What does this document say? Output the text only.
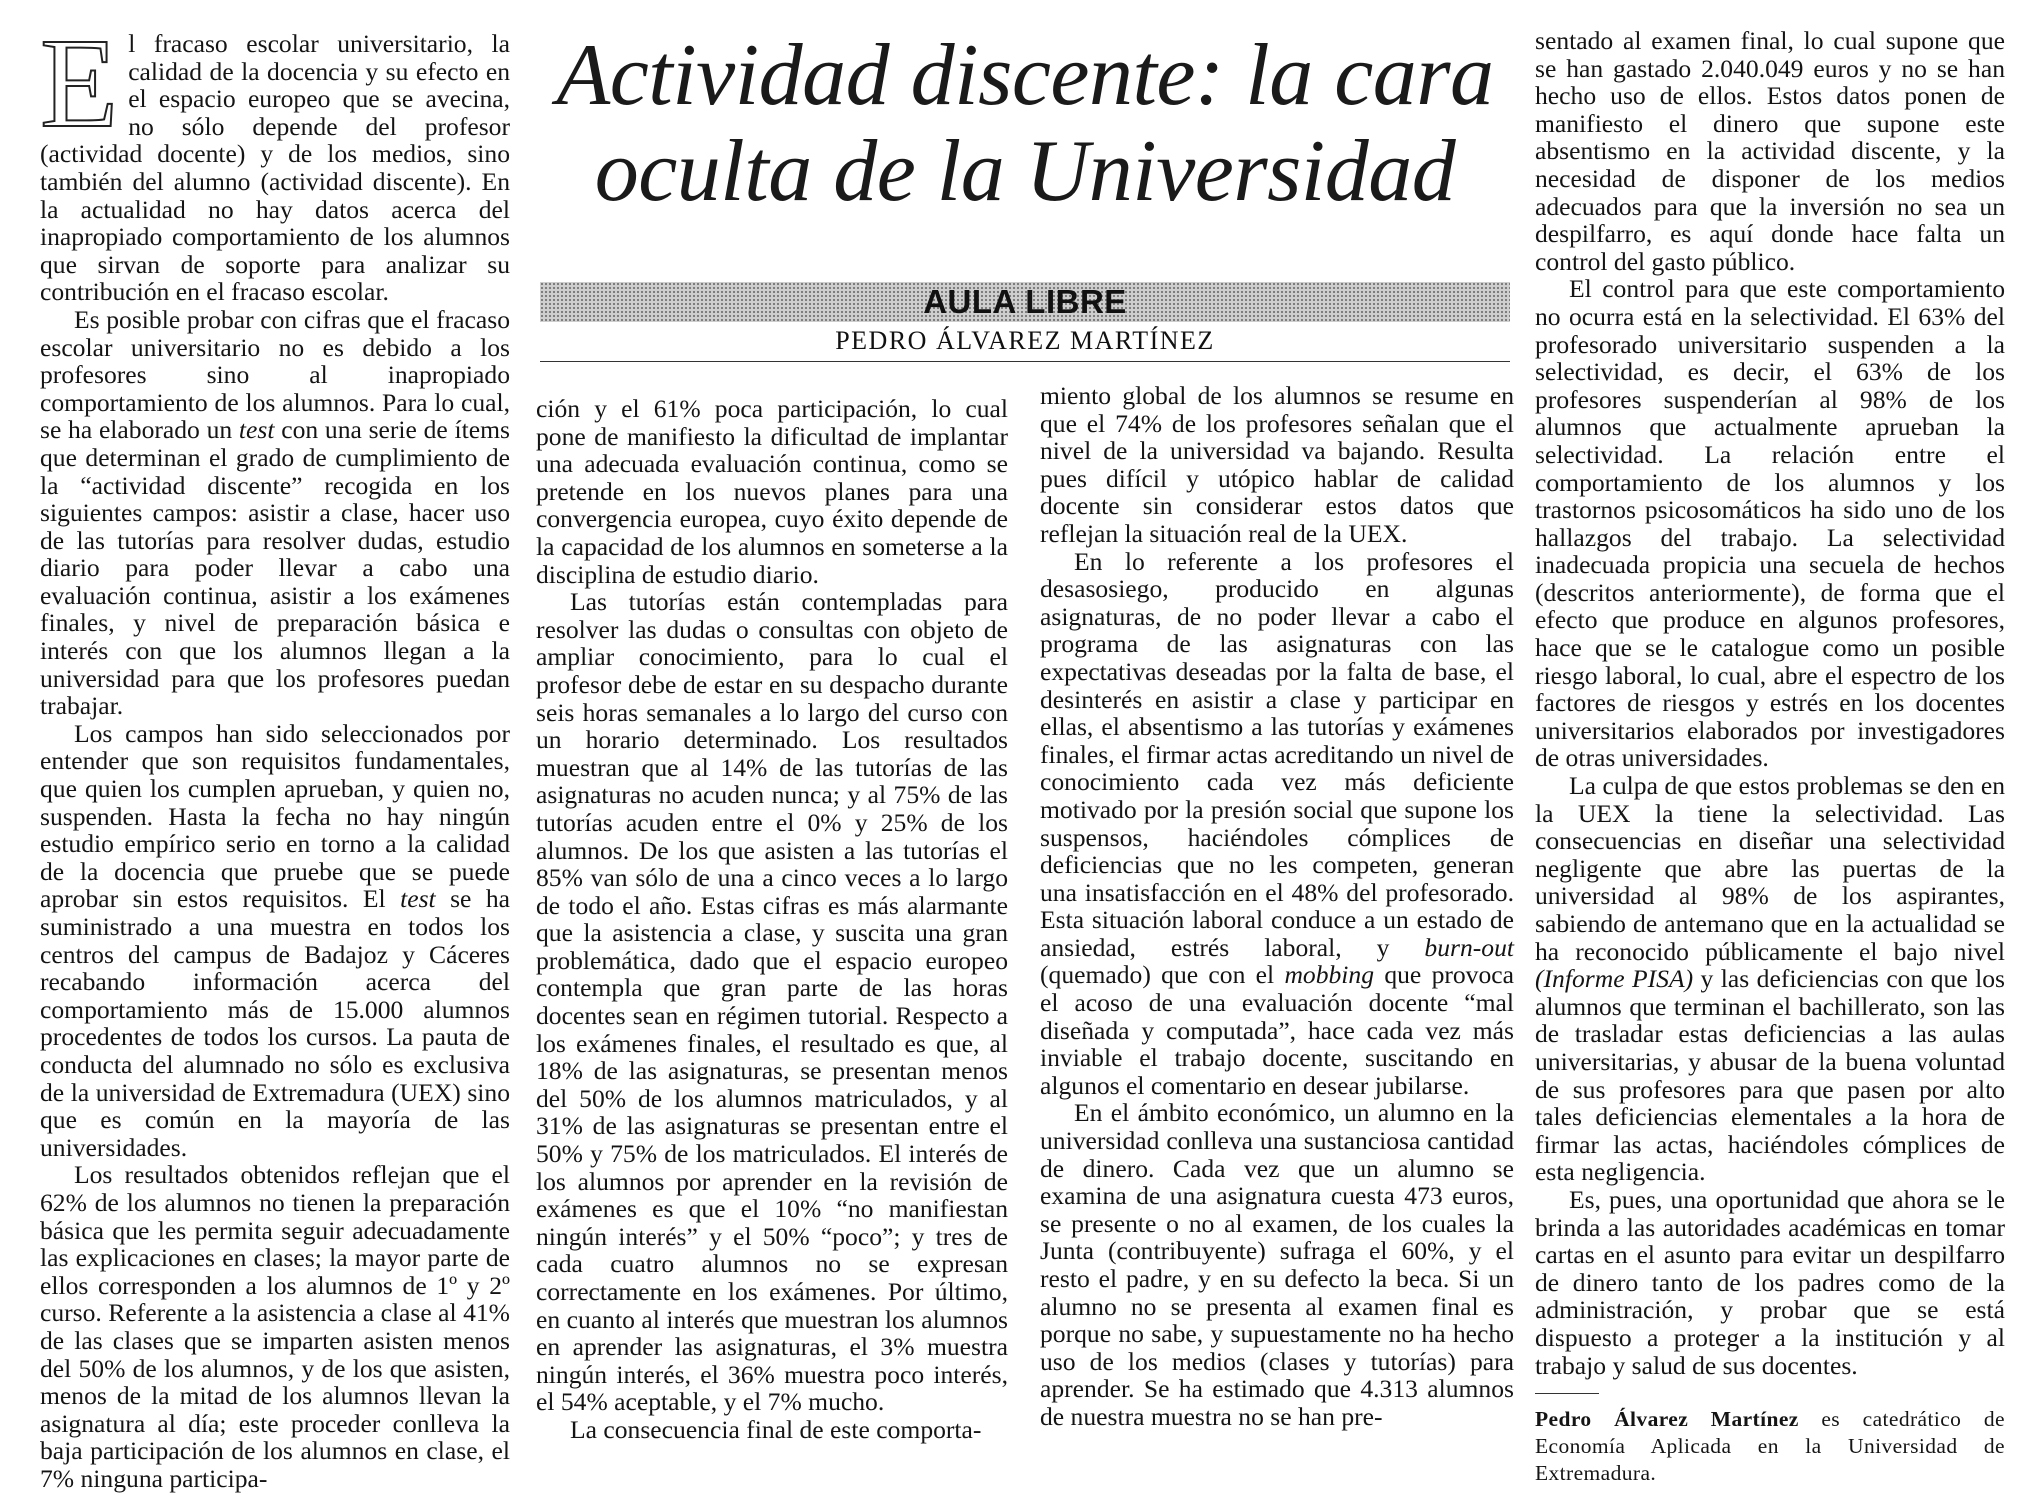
El fracaso escolar universitario, la calidad de la docencia y su efecto en el espacio europeo que se avecina, no sólo depende del profesor (actividad docente) y de los medios, sino también del alumno (actividad discente). En la actualidad no hay datos acerca del inapropiado comportamiento de los alumnos que sirvan de soporte para analizar su contribución en el fracaso escolar.

Es posible probar con cifras que el fracaso escolar universitario no es debido a los profesores sino al inapropiado comportamiento de los alumnos. Para lo cual, se ha elaborado un test con una serie de ítems que determinan el grado de cumplimiento de la “actividad discente” recogida en los siguientes campos: asistir a clase, hacer uso de las tutorías para resolver dudas, estudio diario para poder llevar a cabo una evaluación continua, asistir a los exámenes finales, y nivel de preparación básica e interés con que los alumnos llegan a la universidad para que los profesores puedan trabajar.

Los campos han sido seleccionados por entender que son requisitos fundamentales, que quien los cumplen aprueban, y quien no, suspenden. Hasta la fecha no hay ningún estudio empírico serio en torno a la calidad de la docencia que pruebe que se puede aprobar sin estos requisitos. El test se ha suministrado a una muestra en todos los centros del campus de Badajoz y Cáceres recabando información acerca del comportamiento más de 15.000 alumnos procedentes de todos los cursos. La pauta de conducta del alumnado no sólo es exclusiva de la universidad de Extremadura (UEX) sino que es común en la mayoría de las universidades.

Los resultados obtenidos reflejan que el 62% de los alumnos no tienen la preparación básica que les permita seguir adecuadamente las explicaciones en clases; la mayor parte de ellos corresponden a los alumnos de 1º y 2º curso. Referente a la asistencia a clase al 41% de las clases que se imparten asisten menos del 50% de los alumnos, y de los que asisten, menos de la mitad de los alumnos llevan la asignatura al día; este proceder conlleva la baja participación de los alumnos en clase, el 7% ninguna participa-

Actividad discente: la cara
oculta de la Universidad
AULA LIBRE
PEDRO ÁLVAREZ MARTÍNEZ

ción y el 61% poca participación, lo cual pone de manifiesto la dificultad de implantar una adecuada evaluación continua, como se pretende en los nuevos planes para una convergencia europea, cuyo éxito depende de la capacidad de los alumnos en someterse a la disciplina de estudio diario.

Las tutorías están contempladas para resolver las dudas o consultas con objeto de ampliar conocimiento, para lo cual el profesor debe de estar en su despacho durante seis horas semanales a lo largo del curso con un horario determinado. Los resultados muestran que al 14% de las tutorías de las asignaturas no acuden nunca; y al 75% de las tutorías acuden entre el 0% y 25% de los alumnos. De los que asisten a las tutorías el 85% van sólo de una a cinco veces a lo largo de todo el año. Estas cifras es más alarmante que la asistencia a clase, y suscita una gran problemática, dado que el espacio europeo contempla que gran parte de las horas docentes sean en régimen tutorial. Respecto a los exámenes finales, el resultado es que, al 18% de las asignaturas, se presentan menos del 50% de los alumnos matriculados, y al 31% de las asignaturas se presentan entre el 50% y 75% de los matriculados. El interés de los alumnos por aprender en la revisión de exámenes es que el 10% “no manifiestan ningún interés” y el 50% “poco”; y tres de cada cuatro alumnos no se expresan correctamente en los exámenes. Por último, en cuanto al interés que muestran los alumnos en aprender las asignaturas, el 3% muestra ningún interés, el 36% muestra poco interés, el 54% aceptable, y el 7% mucho.

La consecuencia final de este comporta-

miento global de los alumnos se resume en que el 74% de los profesores señalan que el nivel de la universidad va bajando. Resulta pues difícil y utópico hablar de calidad docente sin considerar estos datos que reflejan la situación real de la UEX.

En lo referente a los profesores el desasosiego, producido en algunas asignaturas, de no poder llevar a cabo el programa de las asignaturas con las expectativas deseadas por la falta de base, el desinterés en asistir a clase y participar en ellas, el absentismo a las tutorías y exámenes finales, el firmar actas acreditando un nivel de conocimiento cada vez más deficiente motivado por la presión social que supone los suspensos, haciéndoles cómplices de deficiencias que no les competen, generan una insatisfacción en el 48% del profesorado. Esta situación laboral conduce a un estado de ansiedad, estrés laboral, y burn-out (quemado) que con el mobbing que provoca el acoso de una evaluación docente “mal diseñada y computada”, hace cada vez más inviable el trabajo docente, suscitando en algunos el comentario en desear jubilarse.

En el ámbito económico, un alumno en la universidad conlleva una sustanciosa cantidad de dinero. Cada vez que un alumno se examina de una asignatura cuesta 473 euros, se presente o no al examen, de los cuales la Junta (contribuyente) sufraga el 60%, y el resto el padre, y en su defecto la beca. Si un alumno no se presenta al examen final es porque no sabe, y supuestamente no ha hecho uso de los medios (clases y tutorías) para aprender. Se ha estimado que 4.313 alumnos de nuestra muestra no se han pre-

sentado al examen final, lo cual supone que se han gastado 2.040.049 euros y no se han hecho uso de ellos. Estos datos ponen de manifiesto el dinero que supone este absentismo en la actividad discente, y la necesidad de disponer de los medios adecuados para que la inversión no sea un despilfarro, es aquí donde hace falta un control del gasto público.

El control para que este comportamiento no ocurra está en la selectividad. El 63% del profesorado universitario suspenden a la selectividad, es decir, el 63% de los profesores suspenderían al 98% de los alumnos que actualmente aprueban la selectividad. La relación entre el comportamiento de los alumnos y los trastornos psicosomáticos ha sido uno de los hallazgos del trabajo. La selectividad inadecuada propicia una secuela de hechos (descritos anteriormente), de forma que el efecto que produce en algunos profesores, hace que se le catalogue como un posible riesgo laboral, lo cual, abre el espectro de los factores de riesgos y estrés en los docentes universitarios elaborados por investigadores de otras universidades.

La culpa de que estos problemas se den en la UEX la tiene la selectividad. Las consecuencias en diseñar una selectividad negligente que abre las puertas de la universidad al 98% de los aspirantes, sabiendo de antemano que en la actualidad se ha reconocido públicamente el bajo nivel (Informe PISA) y las deficiencias con que los alumnos que terminan el bachillerato, son las de trasladar estas deficiencias a las aulas universitarias, y abusar de la buena voluntad de sus profesores para que pasen por alto tales deficiencias elementales a la hora de firmar las actas, haciéndoles cómplices de esta negligencia.

Es, pues, una oportunidad que ahora se le brinda a las autoridades académicas en tomar cartas en el asunto para evitar un despilfarro de dinero tanto de los padres como de la administración, y probar que se está dispuesto a proteger a la institución y al trabajo y salud de sus docentes.

Pedro Álvarez Martínez es catedrático de Economía Aplicada en la Universidad de Extremadura.
